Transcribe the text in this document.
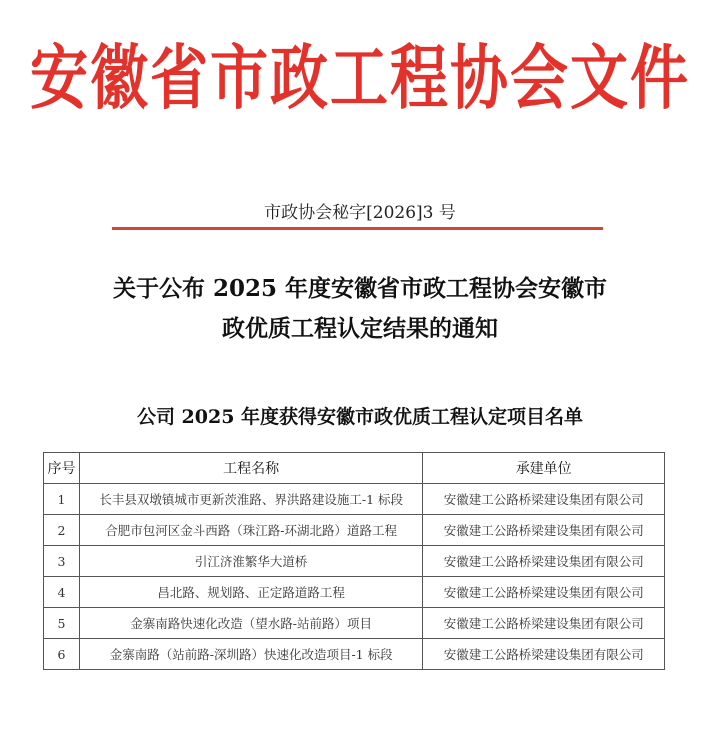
安徽省市政工程协会文件
市政协会秘字[2026]3 号
关于公布 2025 年度安徽省市政工程协会安徽市
政优质工程认定结果的通知
公司 2025 年度获得安徽市政优质工程认定项目名单
序号	工程名称	承建单位
1	长丰县双墩镇城市更新茨淮路、界洪路建设施工-1 标段	安徽建工公路桥梁建设集团有限公司
2	合肥市包河区金斗西路（珠江路-环湖北路）道路工程	安徽建工公路桥梁建设集团有限公司
3	引江济淮繁华大道桥	安徽建工公路桥梁建设集团有限公司
4	昌北路、规划路、正定路道路工程	安徽建工公路桥梁建设集团有限公司
5	金寨南路快速化改造（望水路-站前路）项目	安徽建工公路桥梁建设集团有限公司
6	金寨南路（站前路-深圳路）快速化改造项目-1 标段	安徽建工公路桥梁建设集团有限公司
